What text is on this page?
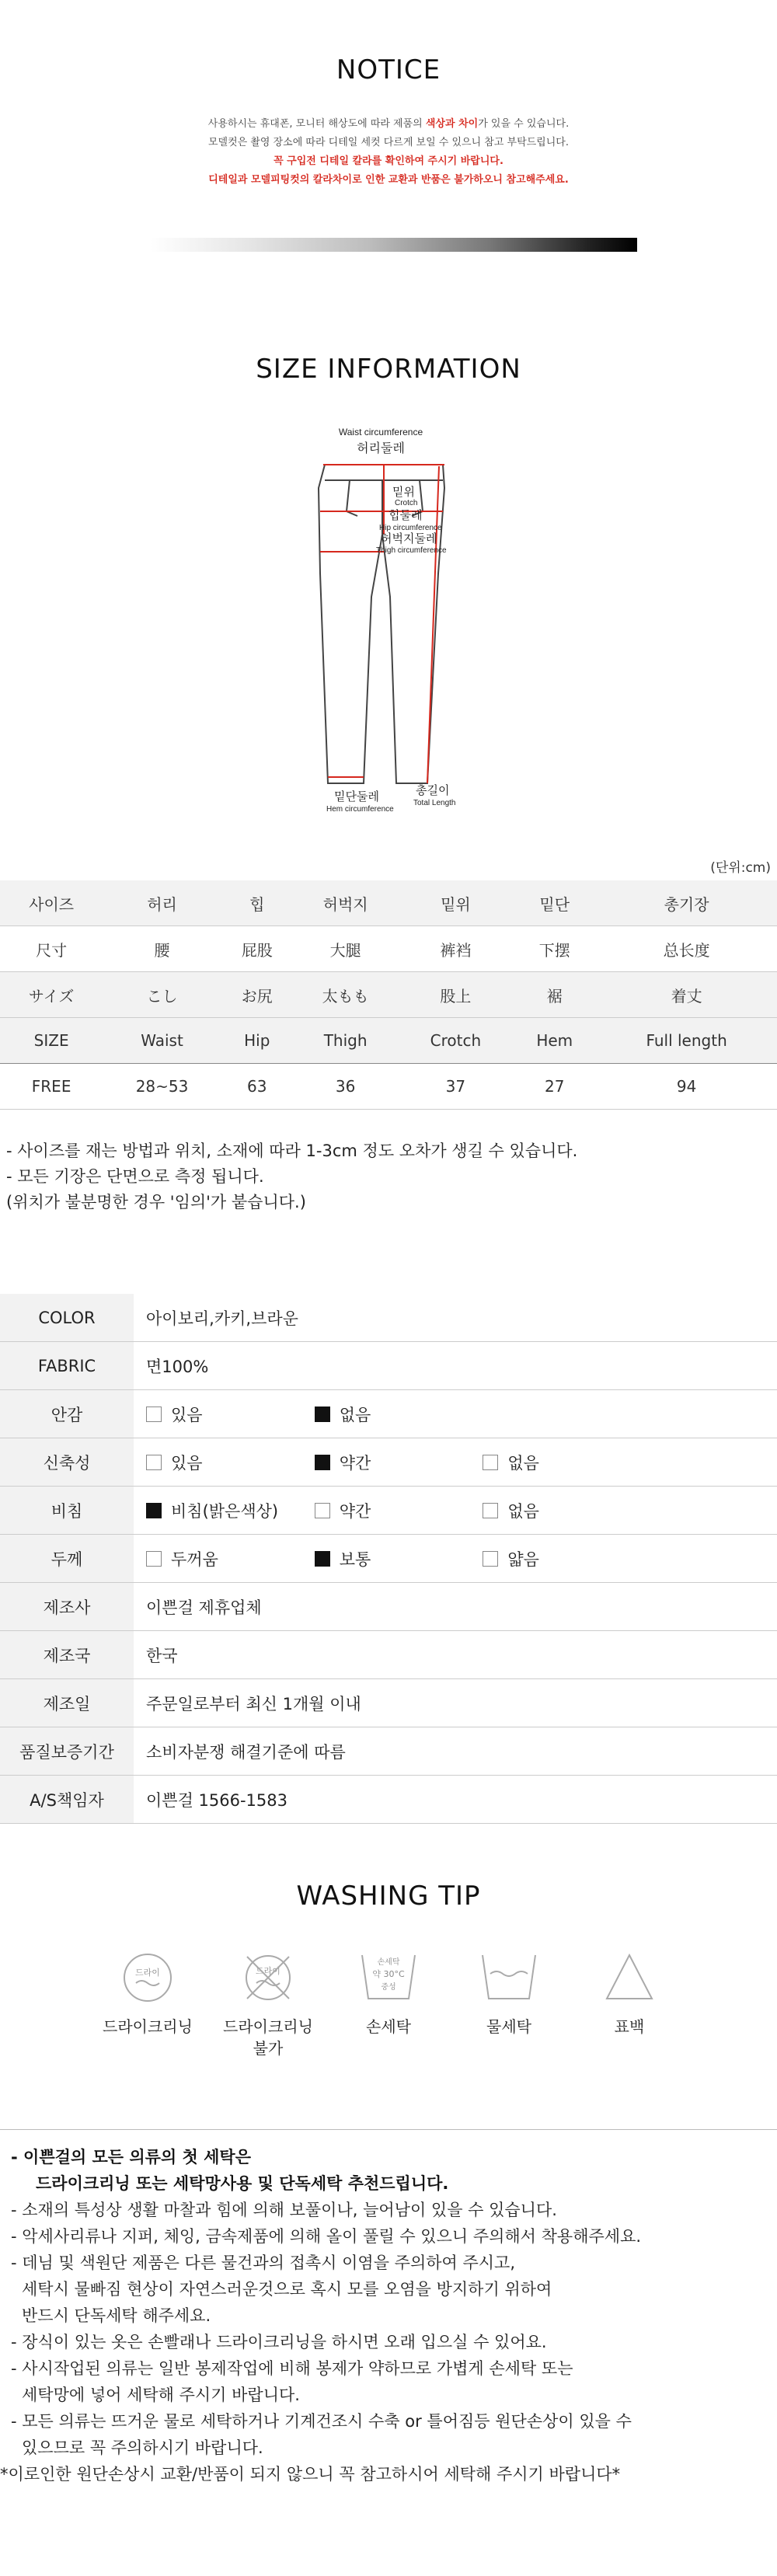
NOTICE
사용하시는 휴대폰, 모니터 해상도에 따라 제품의 색상과 차이가 있을 수 있습니다.
모델컷은 촬영 장소에 따라 디테일 세컷 다르게 보일 수 있으니 참고 부탁드립니다.
꼭 구입전 디테일 칼라를 확인하여 주시기 바랍니다.
디테일과 모델피팅컷의 칼라차이로 인한 교환과 반품은 불가하오니 참고해주세요.
SIZE INFORMATION
Waist circumference
허리둘레
밑위
Crotch
힙둘레
Hip circumference
허벅지둘레
Thigh circumference
밑단둘레
Hem circumference
총길이
Total Length
(단위:cm)
사이즈	허리	힙	허벅지	밑위	밑단	총기장
尺寸	腰	屁股	大腿	裤裆	下摆	总长度
サイズ	こし	お尻	太もも	股上	裾	着丈
SIZE	Waist	Hip	Thigh	Crotch	Hem	Full length
FREE	28~53	63	36	37	27	94
- 사이즈를 재는 방법과 위치, 소재에 따라 1-3cm 정도 오차가 생길 수 있습니다.
- 모든 기장은 단면으로 측정 됩니다.
(위치가 불분명한 경우 '임의'가 붙습니다.)
COLOR	아이보리,카키,브라운
FABRIC	면100%
안감	있음 없음
신축성	있음 약간 없음
비침	비침(밝은색상) 약간 없음
두께	두꺼움 보통 얇음
제조사	이쁜걸 제휴업체
제조국	한국
제조일	주문일로부터 최신 1개월 이내
품질보증기간	소비자분쟁 해결기준에 따름
A/S책임자	이쁜걸 1566-1583
WASHING TIP
드라이
드라이크리닝
드라이
드라이크리닝
불가
손세탁
약 30°C
중성
손세탁	물세탁	표백

- 이쁜걸의 모든 의류의 첫 세탁은

드라이크리닝 또는 세탁망사용 및 단독세탁 추천드립니다.

- 소재의 특성상 생활 마찰과 힘에 의해 보풀이나, 늘어남이 있을 수 있습니다.

- 악세사리류나 지퍼, 체잉, 금속제품에 의해 올이 풀릴 수 있으니 주의해서 착용해주세요.

- 데님 및 색원단 제품은 다른 물건과의 접촉시 이염을 주의하여 주시고,

세탁시 물빠짐 현상이 자연스러운것으로 혹시 모를 오염을 방지하기 위하여

반드시 단독세탁 해주세요.

- 장식이 있는 옷은 손빨래나 드라이크리닝을 하시면 오래 입으실 수 있어요.

- 사시작업된 의류는 일반 봉제작업에 비해 봉제가 약하므로 가볍게 손세탁 또는

세탁망에 넣어 세탁해 주시기 바랍니다.

- 모든 의류는 뜨거운 물로 세탁하거나 기계건조시 수축 or 틀어짐등 원단손상이 있을 수

있으므로 꼭 주의하시기 바랍니다.

*이로인한 원단손상시 교환/반품이 되지 않으니 꼭 참고하시어 세탁해 주시기 바랍니다*
